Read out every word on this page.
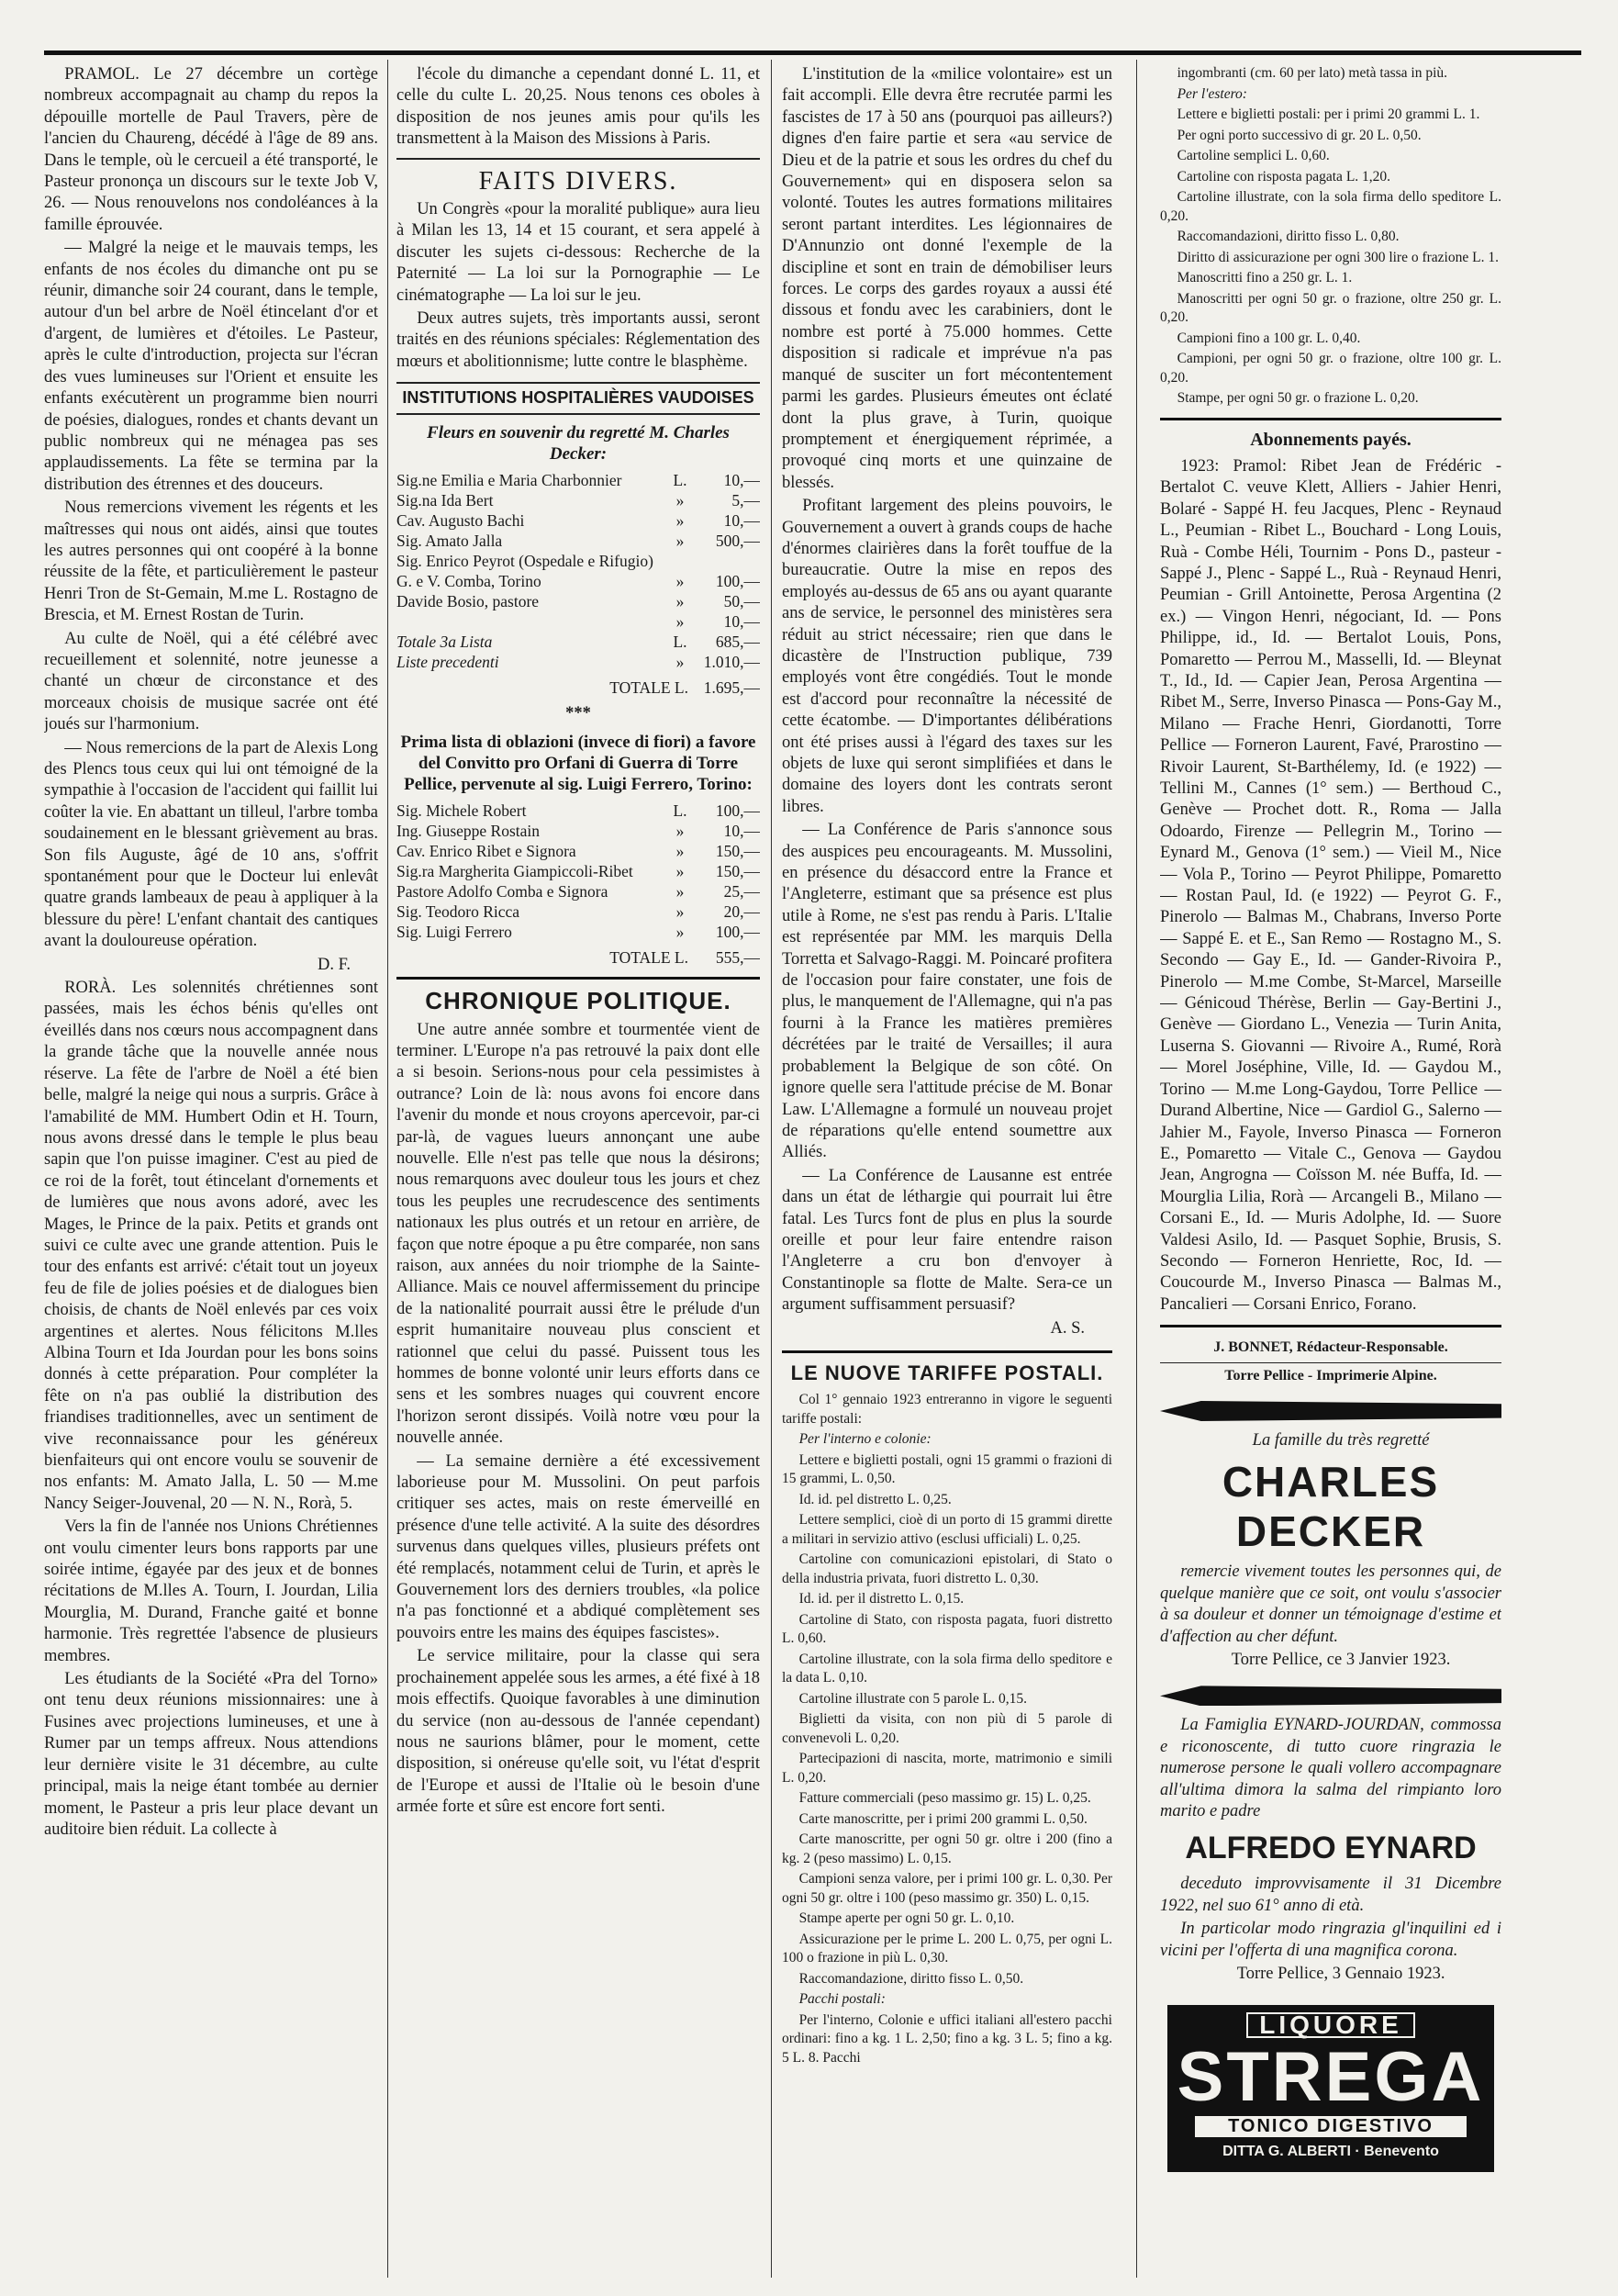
PRAMOL. Le 27 décembre un cortège nombreux accompagnait au champ du repos la dépouille mortelle de Paul Travers, père de l'ancien du Chaureng, décédé à l'âge de 89 ans. Dans le temple, où le cercueil a été transporté, le Pasteur prononça un discours sur le texte Job V, 26. — Nous renouvelons nos condoléances à la famille éprouvée.

— Malgré la neige et le mauvais temps, les enfants de nos écoles du dimanche ont pu se réunir, dimanche soir 24 courant, dans le temple, autour d'un bel arbre de Noël étincelant d'or et d'argent, de lumières et d'étoiles. Le Pasteur, après le culte d'introduction, projecta sur l'écran des vues lumineuses sur l'Orient et ensuite les enfants exécutèrent un programme bien nourri de poésies, dialogues, rondes et chants devant un public nombreux qui ne ménagea pas ses applaudissements. La fête se termina par la distribution des étrennes et des douceurs.

Nous remercions vivement les régents et les maîtresses qui nous ont aidés, ainsi que toutes les autres personnes qui ont coopéré à la bonne réussite de la fête, et particulièrement le pasteur Henri Tron de St-Gemain, M.me L. Rostagno de Brescia, et M. Ernest Rostan de Turin.

Au culte de Noël, qui a été célébré avec recueillement et solennité, notre jeunesse a chanté un chœur de circonstance et des morceaux choisis de musique sacrée ont été joués sur l'harmonium.

— Nous remercions de la part de Alexis Long des Plencs tous ceux qui lui ont témoigné de la sympathie à l'occasion de l'accident qui faillit lui coûter la vie. En abattant un tilleul, l'arbre tomba soudainement en le blessant grièvement au bras. Son fils Auguste, âgé de 10 ans, s'offrit spontanément pour que le Docteur lui enlevât quatre grands lambeaux de peau à appliquer à la blessure du père! L'enfant chantait des cantiques avant la douloureuse opération.

D. F.

RORÀ. Les solennités chrétiennes sont passées, mais les échos bénis qu'elles ont éveillés dans nos cœurs nous accompagnent dans la grande tâche que la nouvelle année nous réserve. La fête de l'arbre de Noël a été bien belle, malgré la neige qui nous a surpris. Grâce à l'amabilité de MM. Humbert Odin et H. Tourn, nous avons dressé dans le temple le plus beau sapin que l'on puisse imaginer. C'est au pied de ce roi de la forêt, tout étincelant d'ornements et de lumières que nous avons adoré, avec les Mages, le Prince de la paix. Petits et grands ont suivi ce culte avec une grande attention. Puis le tour des enfants est arrivé: c'était tout un joyeux feu de file de jolies poésies et de dialogues bien choisis, de chants de Noël enlevés par ces voix argentines et alertes. Nous félicitons M.lles Albina Tourn et Ida Jourdan pour les bons soins donnés à cette préparation. Pour compléter la fête on n'a pas oublié la distribution des friandises traditionnelles, avec un sentiment de vive reconnaissance pour les généreux bienfaiteurs qui ont encore voulu se souvenir de nos enfants: M. Amato Jalla, L. 50 — M.me Nancy Seiger-Jouvenal, 20 — N. N., Rorà, 5.

Vers la fin de l'année nos Unions Chrétiennes ont voulu cimenter leurs bons rapports par une soirée intime, égayée par des jeux et de bonnes récitations de M.lles A. Tourn, I. Jourdan, Lilia Mourglia, M. Durand, Franche gaité et bonne harmonie. Très regrettée l'absence de plusieurs membres.

Les étudiants de la Société «Pra del Torno» ont tenu deux réunions missionnaires: une à Fusines avec projections lumineuses, et une à Rumer par un temps affreux. Nous attendions leur dernière visite le 31 décembre, au culte principal, mais la neige étant tombée au dernier moment, le Pasteur a pris leur place devant un auditoire bien réduit. La collecte à

l'école du dimanche a cependant donné L. 11, et celle du culte L. 20,25. Nous tenons ces oboles à disposition de nos jeunes amis pour qu'ils les transmettent à la Maison des Missions à Paris.

FAITS DIVERS.

Un Congrès «pour la moralité publique» aura lieu à Milan les 13, 14 et 15 courant, et sera appelé à discuter les sujets ci-dessous: Recherche de la Paternité — La loi sur la Pornographie — Le cinématographe — La loi sur le jeu.

Deux autres sujets, très importants aussi, seront traités en des réunions spéciales: Réglementation des mœurs et abolitionnisme; lutte contre le blasphème.

INSTITUTIONS HOSPITALIÈRES VAUDOISES
Fleurs en souvenir du regretté M. Charles Decker:
Sig.ne Emilia e Maria Charbonnier	L.	10,—
Sig.na Ida Bert	»	5,—
Cav. Augusto Bachi	»	10,—
Sig. Amato Jalla	»	500,—
Sig. Enrico Peyrot (Ospedale e Rifugio)		
G. e V. Comba, Torino	»	100,—
Davide Bosio, pastore	»	50,—
	»	10,—
Totale 3a Lista	L.	685,—
Liste precedenti	»	1.010,—
TOTALE L.		1.695,—
***
Prima lista di oblazioni (invece di fiori) a favore del Convitto pro Orfani di Guerra di Torre Pellice, pervenute al sig. Luigi Ferrero, Torino:
Sig. Michele Robert	L.	100,—
Ing. Giuseppe Rostain	»	10,—
Cav. Enrico Ribet e Signora	»	150,—
Sig.ra Margherita Giampiccoli-Ribet	»	150,—
Pastore Adolfo Comba e Signora	»	25,—
Sig. Teodoro Ricca	»	20,—
Sig. Luigi Ferrero	»	100,—
TOTALE L.		555,—
CHRONIQUE POLITIQUE.

Une autre année sombre et tourmentée vient de terminer. L'Europe n'a pas retrouvé la paix dont elle a si besoin. Serions-nous pour cela pessimistes à outrance? Loin de là: nous avons foi encore dans l'avenir du monde et nous croyons apercevoir, par-ci par-là, de vagues lueurs annonçant une aube nouvelle. Elle n'est pas telle que nous la désirons; nous remarquons avec douleur tous les jours et chez tous les peuples une recrudescence des sentiments nationaux les plus outrés et un retour en arrière, de façon que notre époque a pu être comparée, non sans raison, aux années du noir triomphe de la Sainte-Alliance. Mais ce nouvel affermissement du principe de la nationalité pourrait aussi être le prélude d'un esprit humanitaire nouveau plus conscient et rationnel que celui du passé. Puissent tous les hommes de bonne volonté unir leurs efforts dans ce sens et les sombres nuages qui couvrent encore l'horizon seront dissipés. Voilà notre vœu pour la nouvelle année.

— La semaine dernière a été excessivement laborieuse pour M. Mussolini. On peut parfois critiquer ses actes, mais on reste émerveillé en présence d'une telle activité. A la suite des désordres survenus dans quelques villes, plusieurs préfets ont été remplacés, notamment celui de Turin, et après le Gouvernement lors des derniers troubles, «la police n'a pas fonctionné et a abdiqué complètement ses pouvoirs entre les mains des équipes fascistes».

Le service militaire, pour la classe qui sera prochainement appelée sous les armes, a été fixé à 18 mois effectifs. Quoique favorables à une diminution du service (non au-dessous de l'année cependant) nous ne saurions blâmer, pour le moment, cette disposition, si onéreuse qu'elle soit, vu l'état d'esprit de l'Europe et aussi de l'Italie où le besoin d'une armée forte et sûre est encore fort senti.

L'institution de la «milice volontaire» est un fait accompli. Elle devra être recrutée parmi les fascistes de 17 à 50 ans (pourquoi pas ailleurs?) dignes d'en faire partie et sera «au service de Dieu et de la patrie et sous les ordres du chef du Gouvernement» qui en disposera selon sa volonté. Toutes les autres formations militaires seront partant interdites. Les légionnaires de D'Annunzio ont donné l'exemple de la discipline et sont en train de démobiliser leurs forces. Le corps des gardes royaux a aussi été dissous et fondu avec les carabiniers, dont le nombre est porté à 75.000 hommes. Cette disposition si radicale et imprévue n'a pas manqué de susciter un fort mécontentement parmi les gardes. Plusieurs émeutes ont éclaté dont la plus grave, à Turin, quoique promptement et énergiquement réprimée, a provoqué cinq morts et une quinzaine de blessés.

Profitant largement des pleins pouvoirs, le Gouvernement a ouvert à grands coups de hache d'énormes clairières dans la forêt touffue de la bureaucratie. Outre la mise en repos des employés au-dessus de 65 ans ou ayant quarante ans de service, le personnel des ministères sera réduit au strict nécessaire; rien que dans le dicastère de l'Instruction publique, 739 employés vont être congédiés. Tout le monde est d'accord pour reconnaître la nécessité de cette écatombe. — D'importantes délibérations ont été prises aussi à l'égard des taxes sur les objets de luxe qui seront simplifiées et dans le domaine des loyers dont les contrats seront libres.

— La Conférence de Paris s'annonce sous des auspices peu encourageants. M. Mussolini, en présence du désaccord entre la France et l'Angleterre, estimant que sa présence est plus utile à Rome, ne s'est pas rendu à Paris. L'Italie est représentée par MM. les marquis Della Torretta et Salvago-Raggi. M. Poincaré profitera de l'occasion pour faire constater, une fois de plus, le manquement de l'Allemagne, qui n'a pas fourni à la France les matières premières décrétées par le traité de Versailles; il aura probablement la Belgique de son côté. On ignore quelle sera l'attitude précise de M. Bonar Law. L'Allemagne a formulé un nouveau projet de réparations qu'elle entend soumettre aux Alliés.

— La Conférence de Lausanne est entrée dans un état de léthargie qui pourrait lui être fatal. Les Turcs font de plus en plus la sourde oreille et pour leur faire entendre raison l'Angleterre a cru bon d'envoyer à Constantinople sa flotte de Malte. Sera-ce un argument suffisamment persuasif?

A. S.

LE NUOVE TARIFFE POSTALI.

Col 1° gennaio 1923 entreranno in vigore le seguenti tariffe postali:

Per l'interno e colonie:

Lettere e biglietti postali, ogni 15 grammi o frazioni di 15 grammi, L. 0,50.

Id. id. pel distretto L. 0,25.

Lettere semplici, cioè di un porto di 15 grammi dirette a militari in servizio attivo (esclusi ufficiali) L. 0,25.

Cartoline con comunicazioni epistolari, di Stato o della industria privata, fuori distretto L. 0,30.

Id. id. per il distretto L. 0,15.

Cartoline di Stato, con risposta pagata, fuori distretto L. 0,60.

Cartoline illustrate, con la sola firma dello speditore e la data L. 0,10.

Cartoline illustrate con 5 parole L. 0,15.

Biglietti da visita, con non più di 5 parole di convenevoli L. 0,20.

Partecipazioni di nascita, morte, matrimonio e simili L. 0,20.

Fatture commerciali (peso massimo gr. 15) L. 0,25.

Carte manoscritte, per i primi 200 grammi L. 0,50.

Carte manoscritte, per ogni 50 gr. oltre i 200 (fino a kg. 2 (peso massimo) L. 0,15.

Campioni senza valore, per i primi 100 gr. L. 0,30. Per ogni 50 gr. oltre i 100 (peso massimo gr. 350) L. 0,15.

Stampe aperte per ogni 50 gr. L. 0,10.

Assicurazione per le prime L. 200 L. 0,75, per ogni L. 100 o frazione in più L. 0,30.

Raccomandazione, diritto fisso L. 0,50.

Pacchi postali:

Per l'interno, Colonie e uffici italiani all'estero pacchi ordinari: fino a kg. 1 L. 2,50; fino a kg. 3 L. 5; fino a kg. 5 L. 8. Pacchi

ingombranti (cm. 60 per lato) metà tassa in più.

Per l'estero:

Lettere e biglietti postali: per i primi 20 grammi L. 1.

Per ogni porto successivo di gr. 20 L. 0,50.

Cartoline semplici L. 0,60.

Cartoline con risposta pagata L. 1,20.

Cartoline illustrate, con la sola firma dello speditore L. 0,20.

Raccomandazioni, diritto fisso L. 0,80.

Diritto di assicurazione per ogni 300 lire o frazione L. 1.

Manoscritti fino a 250 gr. L. 1.

Manoscritti per ogni 50 gr. o frazione, oltre 250 gr. L. 0,20.

Campioni fino a 100 gr. L. 0,40.

Campioni, per ogni 50 gr. o frazione, oltre 100 gr. L. 0,20.

Stampe, per ogni 50 gr. o frazione L. 0,20.

Abonnements payés.

1923: Pramol: Ribet Jean de Frédéric - Bertalot C. veuve Klett, Alliers - Jahier Henri, Bolaré - Sappé H. feu Jacques, Plenc - Reynaud L., Peumian - Ribet L., Bouchard - Long Louis, Ruà - Combe Héli, Tournim - Pons D., pasteur - Sappé J., Plenc - Sappé L., Ruà - Reynaud Henri, Peumian - Grill Antoinette, Perosa Argentina (2 ex.) — Vingon Henri, négociant, Id. — Pons Philippe, id., Id. — Bertalot Louis, Pons, Pomaretto — Perrou M., Masselli, Id. — Bleynat T., Id., Id. — Capier Jean, Perosa Argentina — Ribet M., Serre, Inverso Pinasca — Pons-Gay M., Milano — Frache Henri, Giordanotti, Torre Pellice — Forneron Laurent, Favé, Prarostino — Rivoir Laurent, St-Barthélemy, Id. (e 1922) — Tellini M., Cannes (1° sem.) — Berthoud C., Genève — Prochet dott. R., Roma — Jalla Odoardo, Firenze — Pellegrin M., Torino — Eynard M., Genova (1° sem.) — Vieil M., Nice — Vola P., Torino — Peyrot Philippe, Pomaretto — Rostan Paul, Id. (e 1922) — Peyrot G. F., Pinerolo — Balmas M., Chabrans, Inverso Porte — Sappé E. et E., San Remo — Rostagno M., S. Secondo — Gay E., Id. — Gander-Rivoira P., Pinerolo — M.me Combe, St-Marcel, Marseille — Génicoud Thérèse, Berlin — Gay-Bertini J., Genève — Giordano L., Venezia — Turin Anita, Luserna S. Giovanni — Rivoire A., Rumé, Rorà — Morel Joséphine, Ville, Id. — Gaydou M., Torino — M.me Long-Gaydou, Torre Pellice — Durand Albertine, Nice — Gardiol G., Salerno — Jahier M., Fayole, Inverso Pinasca — Forneron E., Pomaretto — Vitale C., Genova — Gaydou Jean, Angrogna — Coïsson M. née Buffa, Id. — Mourglia Lilia, Rorà — Arcangeli B., Milano — Corsani E., Id. — Muris Adolphe, Id. — Suore Valdesi Asilo, Id. — Pasquet Sophie, Brusis, S. Secondo — Forneron Henriette, Roc, Id. — Coucourde M., Inverso Pinasca — Balmas M., Pancalieri — Corsani Enrico, Forano.

J. BONNET, Rédacteur-Responsable.
Torre Pellice - Imprimerie Alpine.

La famille du très regretté

CHARLES DECKER

remercie vivement toutes les personnes qui, de quelque manière que ce soit, ont voulu s'associer à sa douleur et donner un témoignage d'estime et d'affection au cher défunt.

Torre Pellice, ce 3 Janvier 1923.

La Famiglia EYNARD-JOURDAN, commossa e riconoscente, di tutto cuore ringrazia le numerose persone le quali vollero accompagnare all'ultima dimora la salma del rimpianto loro marito e padre

ALFREDO EYNARD

deceduto improvvisamente il 31 Dicembre 1922, nel suo 61° anno di età.

In particolar modo ringrazia gl'inquilini ed i vicini per l'offerta di una magnifica corona.

Torre Pellice, 3 Gennaio 1923.

LIQUORE
STREGA
TONICO DIGESTIVO
DITTA G. ALBERTI · Benevento
